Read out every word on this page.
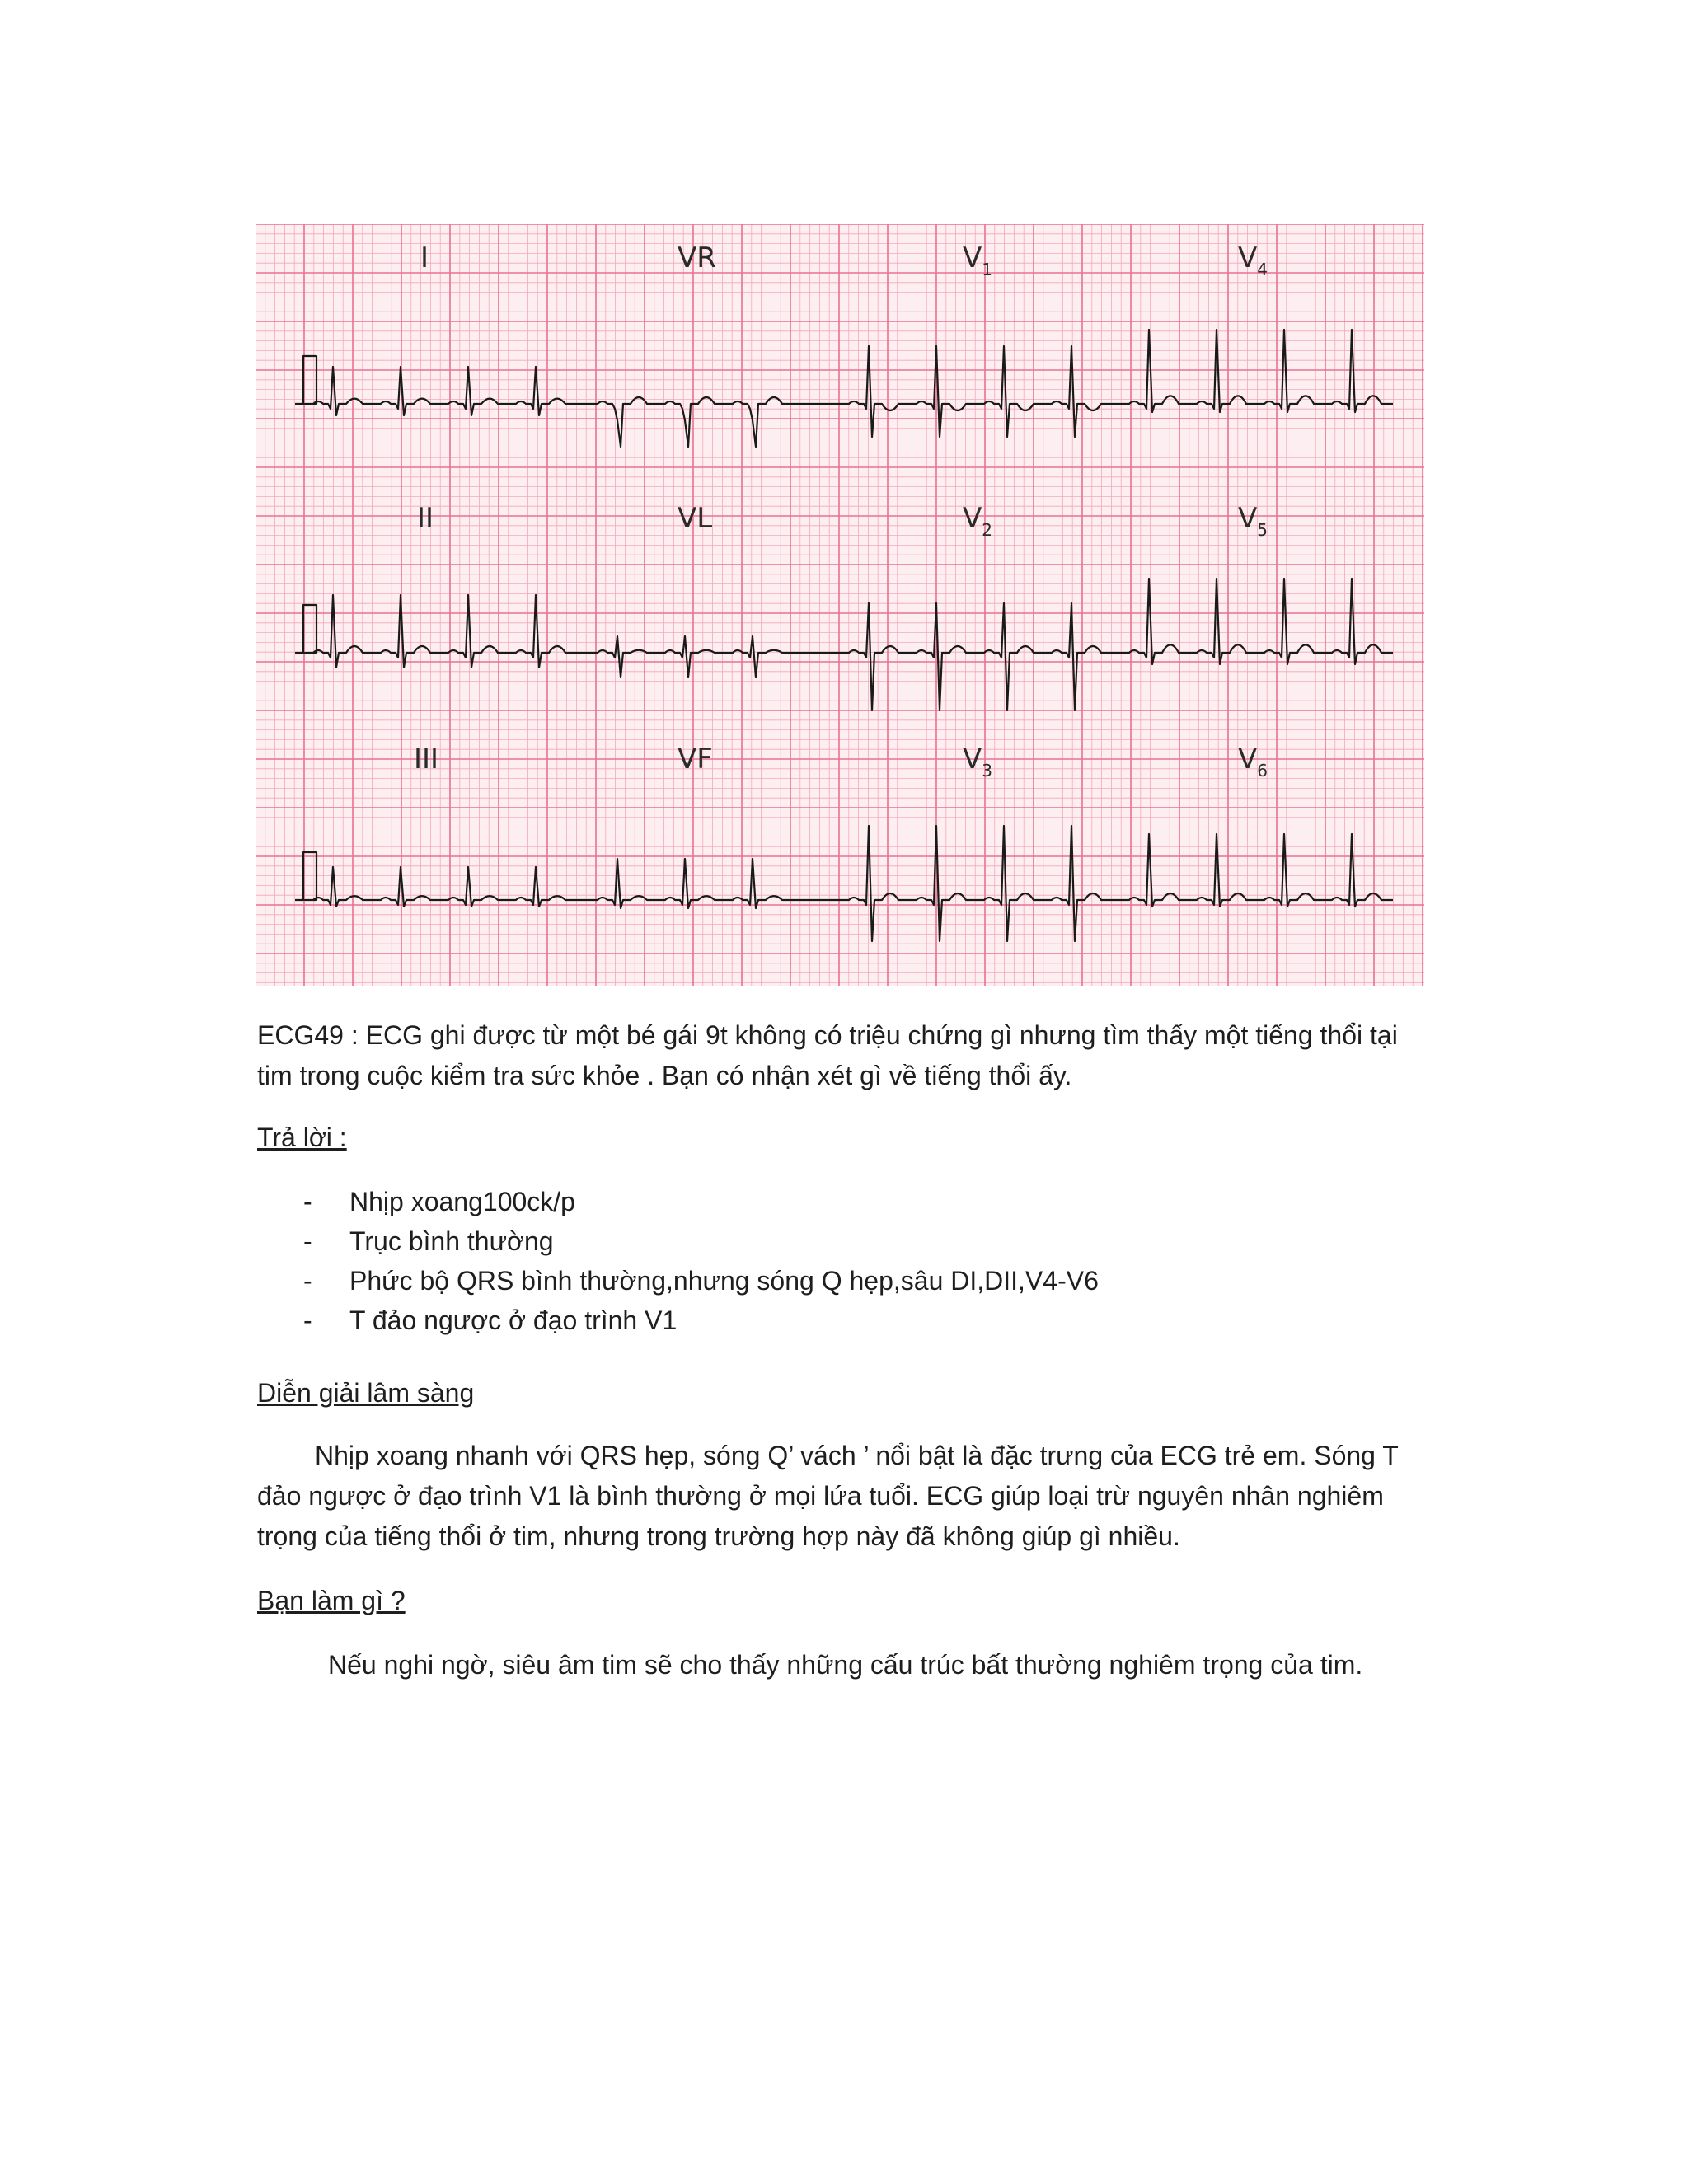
I	VR	$V_1$	$V_4$
II	VL	$V_2$	$V_5$
III	VF	$V_3$	$V_6$
ECG49 : ECG ghi được từ một bé gái 9t không có triệu chứng gì nhưng tìm thấy một tiếng thổi tại tim trong cuộc kiểm tra sức khỏe . Bạn có nhận xét gì về tiếng thổi ấy.
Trả lời :
- Nhịp xoang100ck/p
- Trục bình thường
- Phức bộ QRS bình thường,nhưng sóng Q hẹp,sâu DI,DII,V4-V6
- T đảo ngược ở đạo trình V1
Diễn giải lâm sàng
Nhịp xoang nhanh với QRS hẹp, sóng Q’ vách ’ nổi bật là đặc trưng của ECG trẻ em. Sóng T đảo ngược ở đạo trình V1 là bình thường ở mọi lứa tuổi. ECG giúp loại trừ nguyên nhân nghiêm trọng của tiếng thổi ở tim, nhưng trong trường hợp này đã không giúp gì nhiều.
Bạn làm gì ?
Nếu nghi ngờ, siêu âm tim sẽ cho thấy những cấu trúc bất thường nghiêm trọng của tim.
